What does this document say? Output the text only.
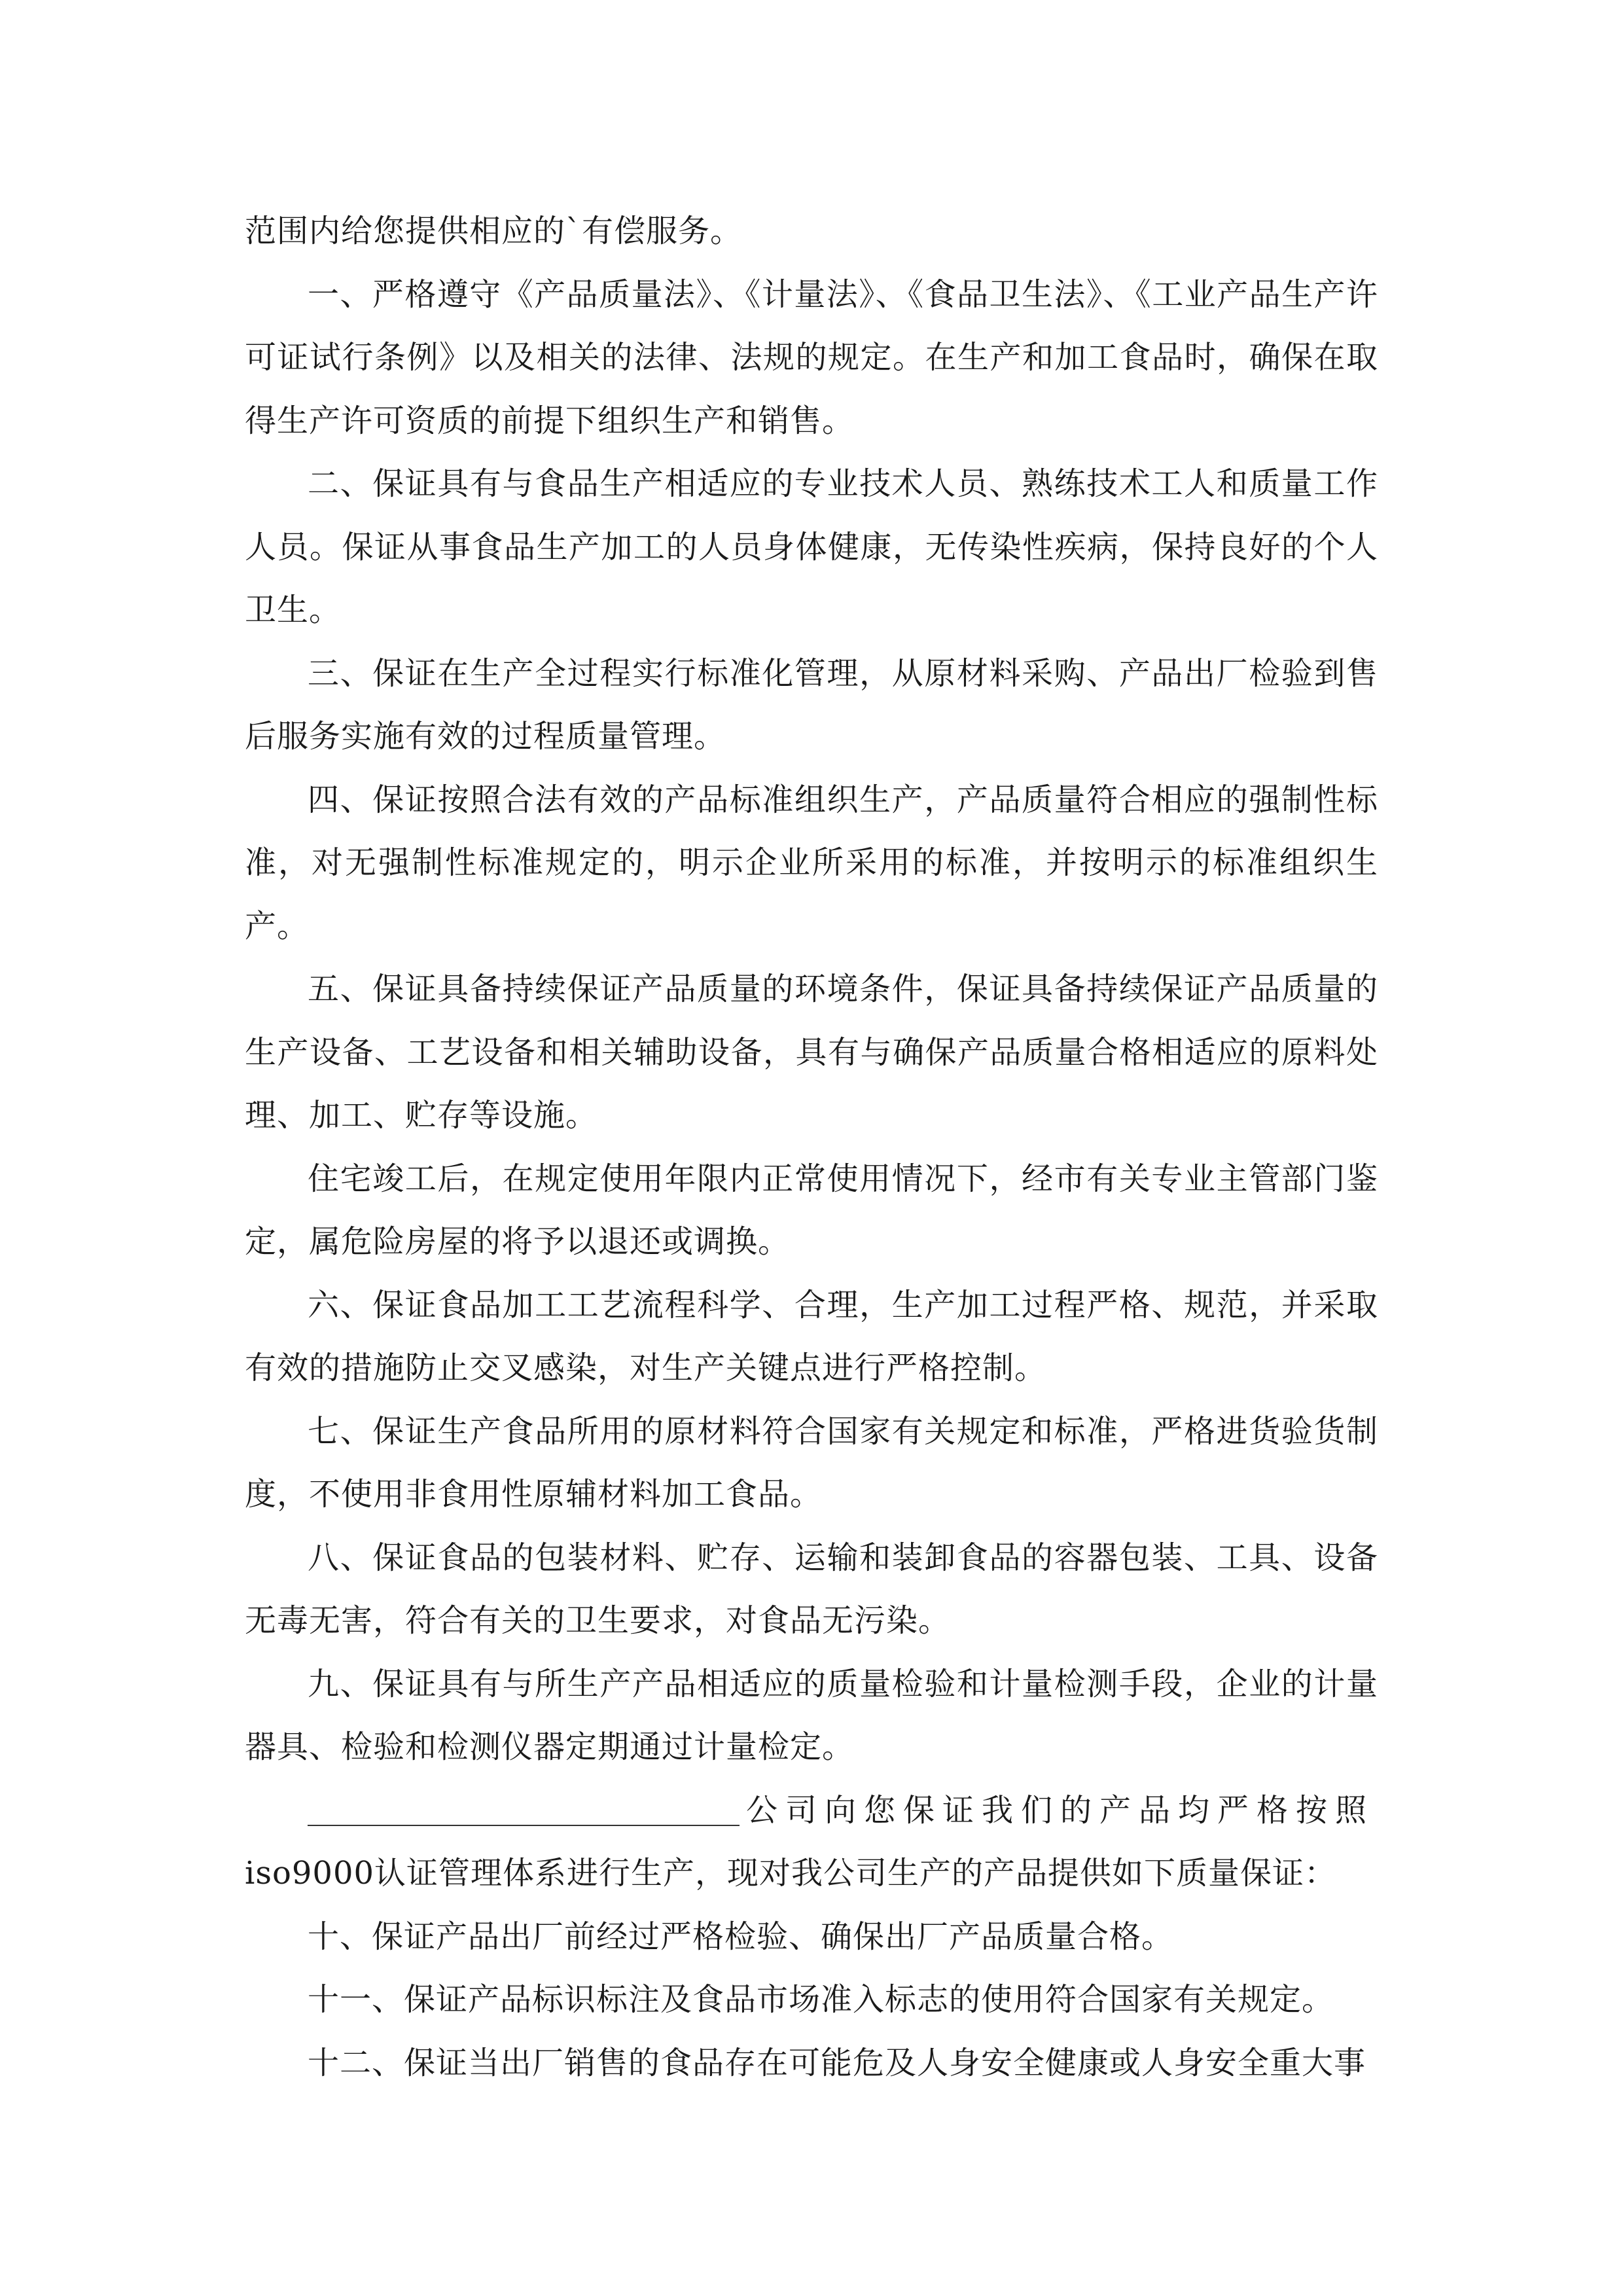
范围内给您提供相应的`有偿服务。

一、严格遵守《产品质量法》、《计量法》、《食品卫生法》、《工业产品生产许可证试行条例》以及相关的法律、法规的规定。在生产和加工食品时，确保在取得生产许可资质的前提下组织生产和销售。

二、保证具有与食品生产相适应的专业技术人员、熟练技术工人和质量工作人员。保证从事食品生产加工的人员身体健康，无传染性疾病，保持良好的个人卫生。

三、保证在生产全过程实行标准化管理，从原材料采购、产品出厂检验到售后服务实施有效的过程质量管理。

四、保证按照合法有效的产品标准组织生产，产品质量符合相应的强制性标准，对无强制性标准规定的，明示企业所采用的标准，并按明示的标准组织生产。

五、保证具备持续保证产品质量的环境条件，保证具备持续保证产品质量的生产设备、工艺设备和相关辅助设备，具有与确保产品质量合格相适应的原料处理、加工、贮存等设施。

住宅竣工后，在规定使用年限内正常使用情况下，经市有关专业主管部门鉴定，属危险房屋的将予以退还或调换。

六、保证食品加工工艺流程科学、合理，生产加工过程严格、规范，并采取有效的措施防止交叉感染，对生产关键点进行严格控制。

七、保证生产食品所用的原材料符合国家有关规定和标准，严格进货验货制度，不使用非食用性原辅材料加工食品。

八、保证食品的包装材料、贮存、运输和装卸食品的容器包装、工具、设备无毒无害，符合有关的卫生要求，对食品无污染。

九、保证具有与所生产产品相适应的质量检验和计量检测手段，企业的计量器具、检验和检测仪器定期通过计量检定。

公司向您保证我们的产品均严格按照

iso9000认证管理体系进行生产，现对我公司生产的产品提供如下质量保证：

十、保证产品出厂前经过严格检验、确保出厂产品质量合格。

十一、保证产品标识标注及食品市场准入标志的使用符合国家有关规定。

十二、保证当出厂销售的食品存在可能危及人身安全健康或人身安全重大事
